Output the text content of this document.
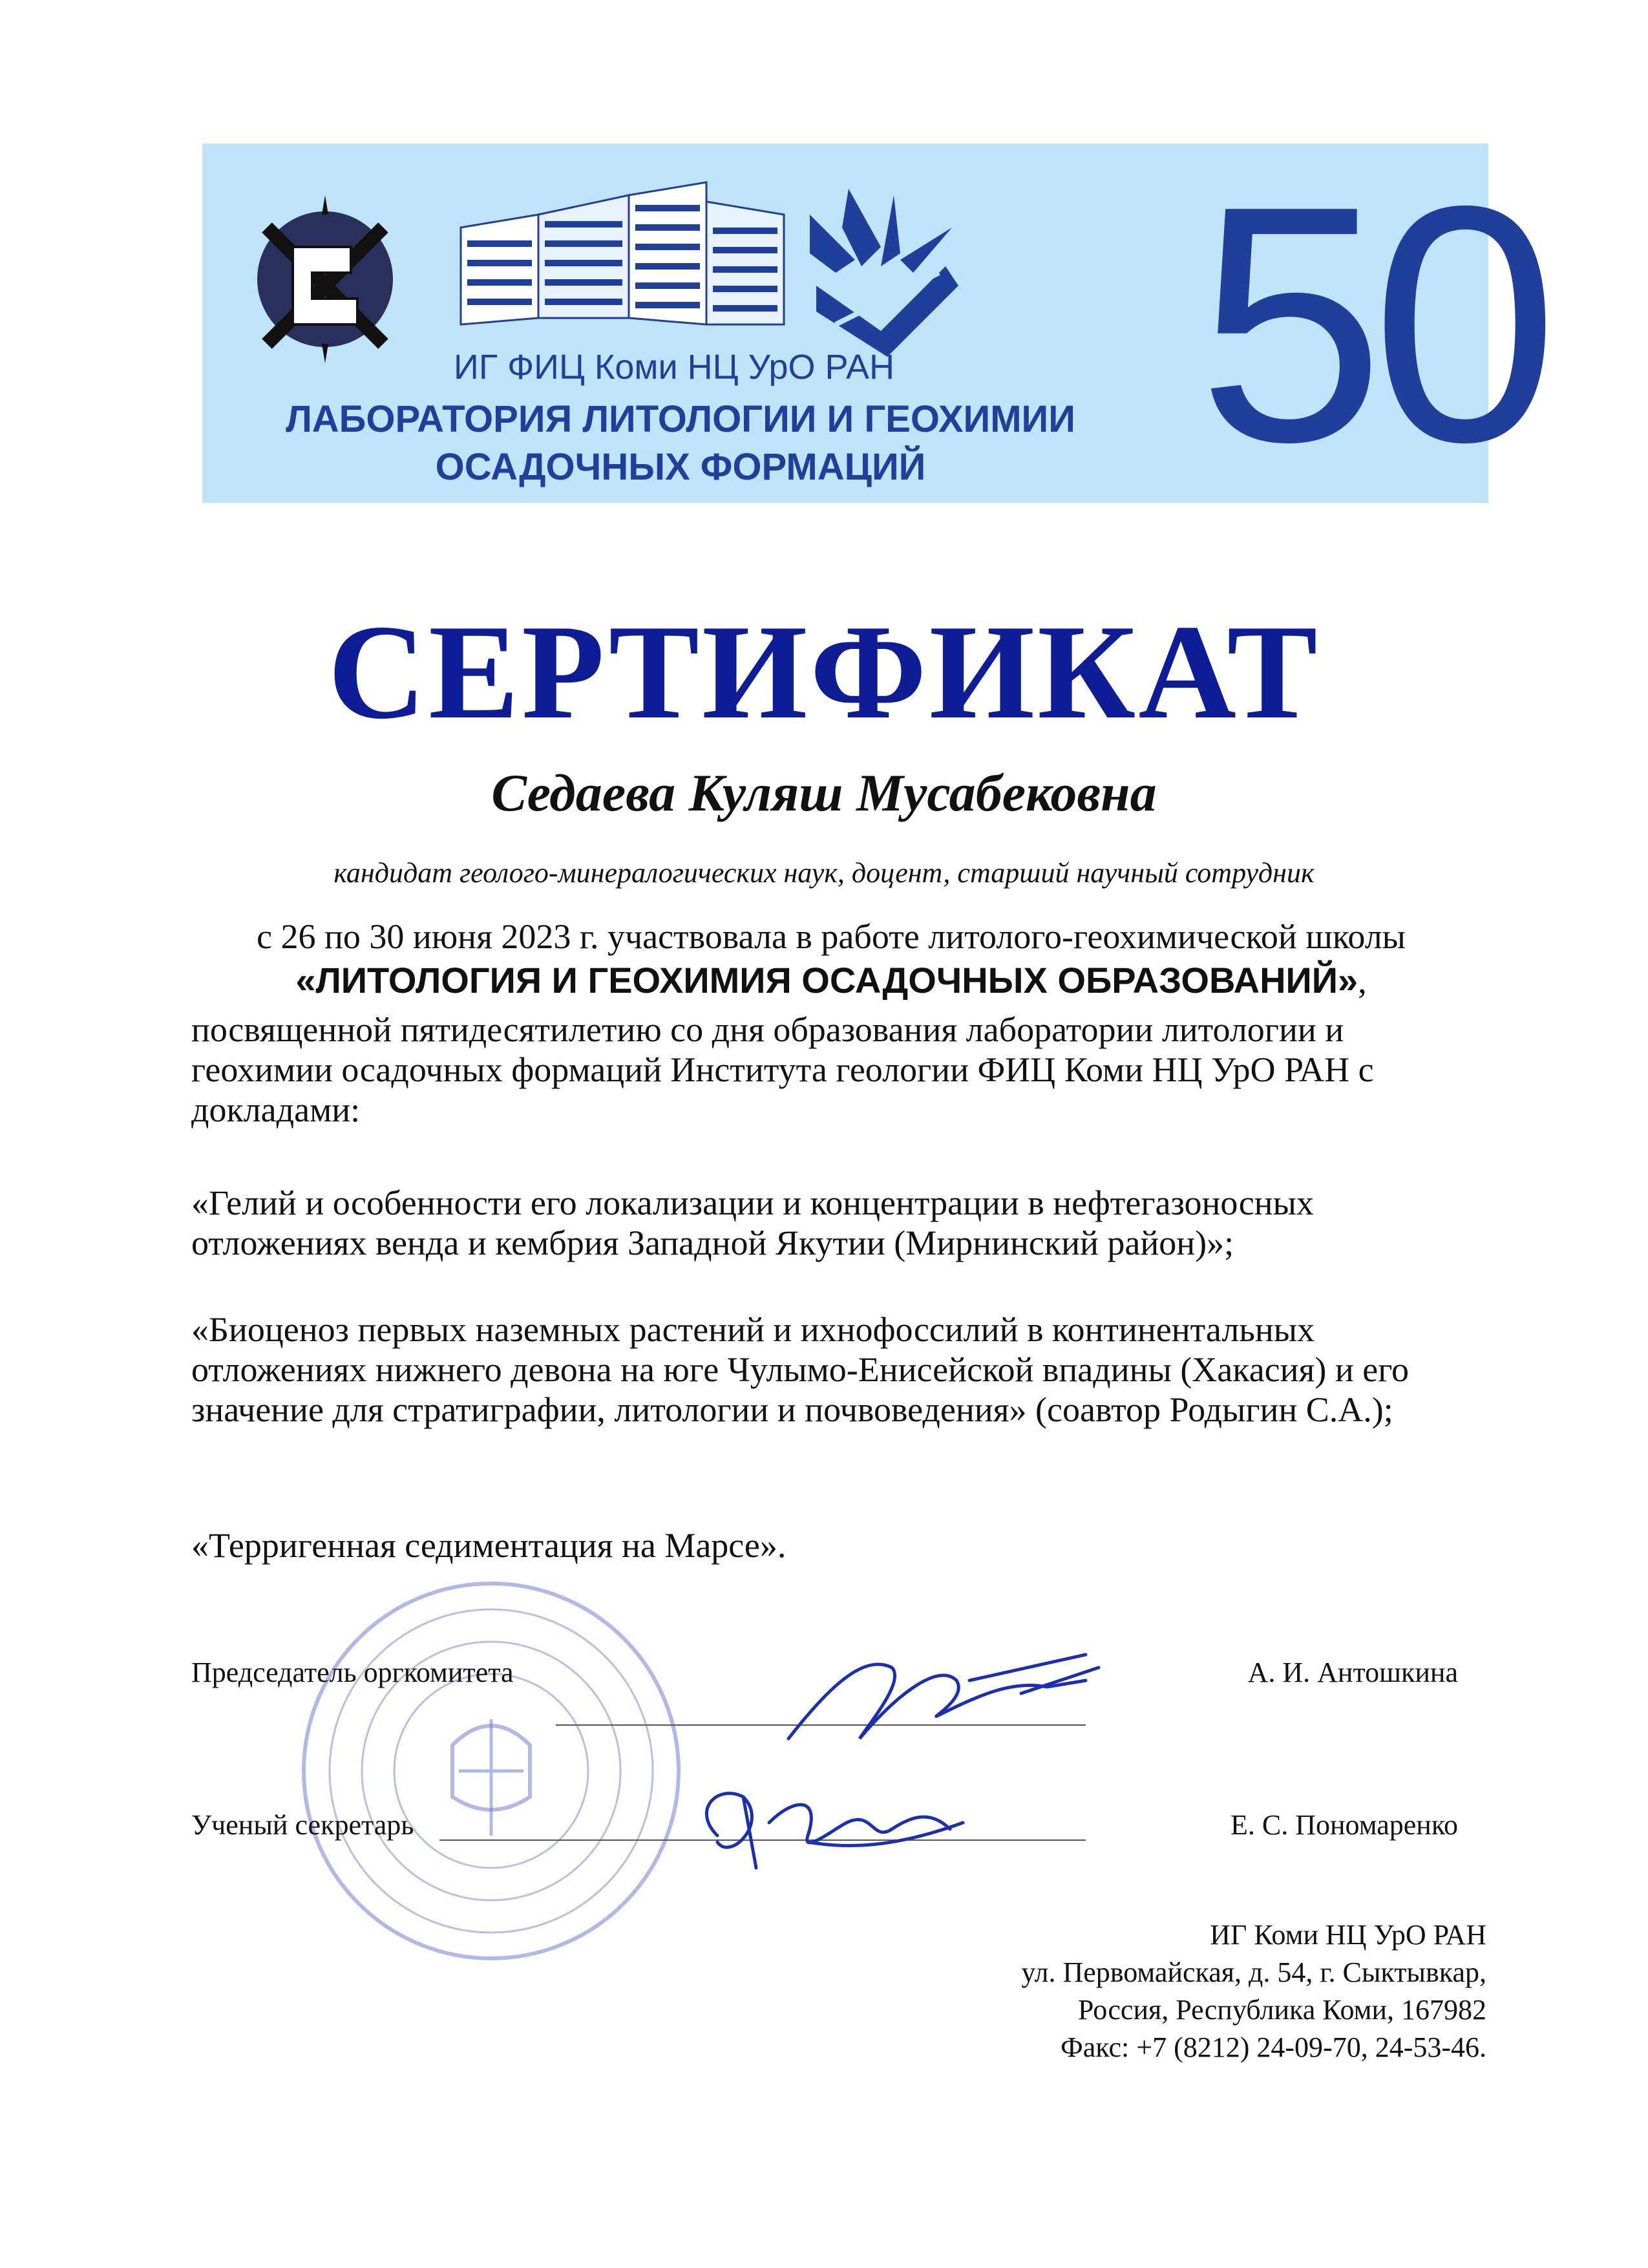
ИГ ФИЦ Коми НЦ УрО РАН
ЛАБОРАТОРИЯ ЛИТОЛОГИИ И ГЕОХИМИИ
ОСАДОЧНЫХ ФОРМАЦИЙ 50
СЕРТИФИКАТ
Седаева Куляш Мусабековна
кандидат геолого-минералогических наук, доцент, старший научный сотрудник
с 26 по 30 июня 2023 г. участвовала в работе литолого-геохимической школы
«ЛИТОЛОГИЯ И ГЕОХИМИЯ ОСАДОЧНЫХ ОБРАЗОВАНИЙ»,
посвященной пятидесятилетию со дня образования лаборатории литологии и геохимии осадочных формаций Института геологии ФИЦ Коми НЦ УрО РАН с докладами:
«Гелий и особенности его локализации и концентрации в нефтегазоносных отложениях венда и кембрия Западной Якутии (Мирнинский район)»;
«Биоценоз первых наземных растений и ихнофоссилий в континентальных отложениях нижнего девона на юге Чулымо-Енисейской впадины (Хакасия) и его значение для стратиграфии, литологии и почвоведения» (соавтор Родыгин С.А.);
«Терригенная седиментация на Марсе».
Председатель оргкомитета	А. И. Антошкина
Ученый секретарь	Е. С. Пономаренко
ИГ Коми НЦ УрО РАН
ул. Первомайская, д. 54, г. Сыктывкар,
Россия, Республика Коми, 167982
Факс: +7 (8212) 24-09-70, 24-53-46.
